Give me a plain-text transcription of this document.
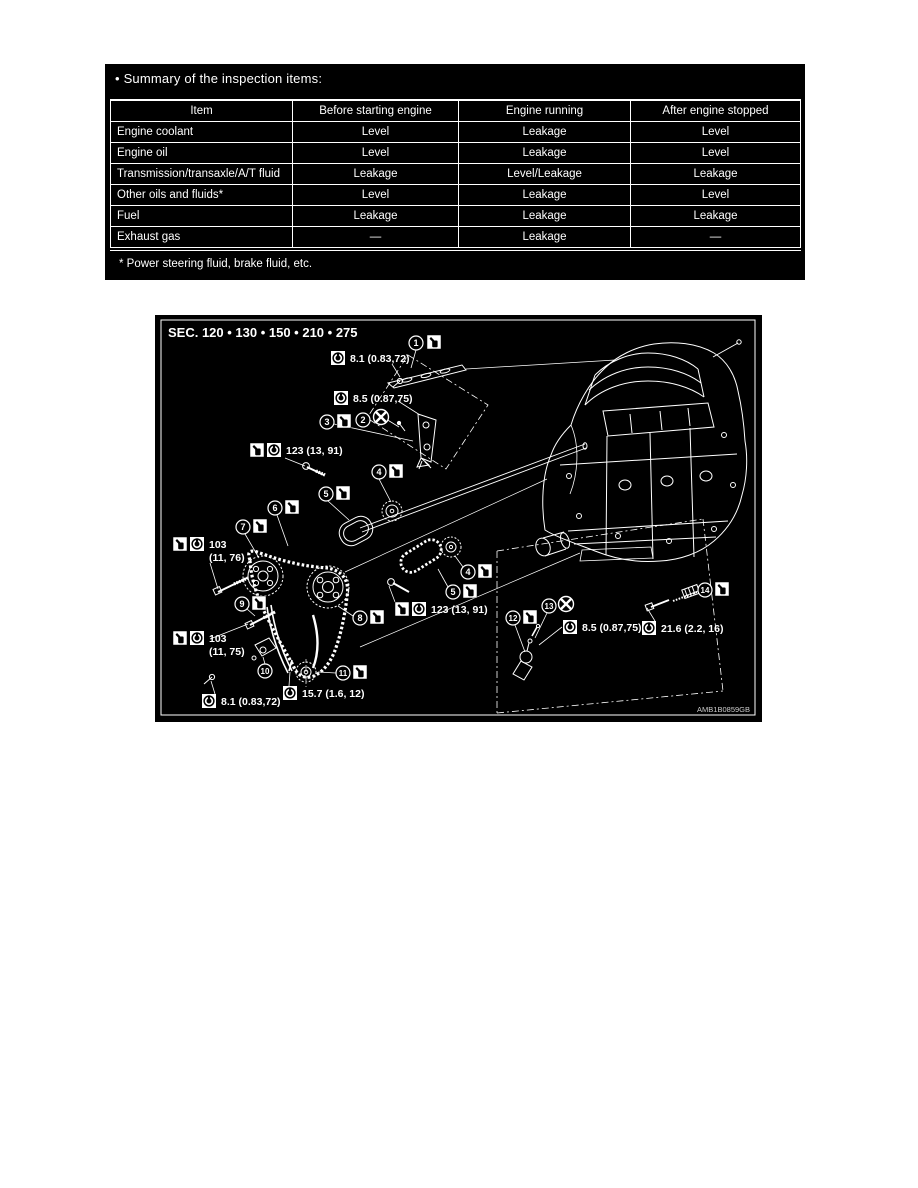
• Summary of the inspection items:
Item	Before starting engine	Engine running	After engine stopped
Engine coolant	Level	Leakage	Level
Engine oil	Level	Leakage	Level
Transmission/transaxle/A/T fluid	Leakage	Level/Leakage	Leakage
Other oils and fluids*	Level	Leakage	Level
Fuel	Leakage	Leakage	Leakage
Exhaust gas	—	Leakage	—
* Power steering fluid, brake fluid, etc.
1
2
3
4
5
6
7
8
9
10	11
4
5
12
13
14
8.1 (0.83,72)
8.5 (0.87,75)
123 (13, 91)
103
(11, 76)
103
(11, 75)
8.1 (0.83,72)
15.7 (1.6, 12)
123 (13, 91)
8.5 (0.87,75) 21.6 (2.2, 16)
SEC. 120 • 130 • 150 • 210 • 275
AMB1B0859GB
